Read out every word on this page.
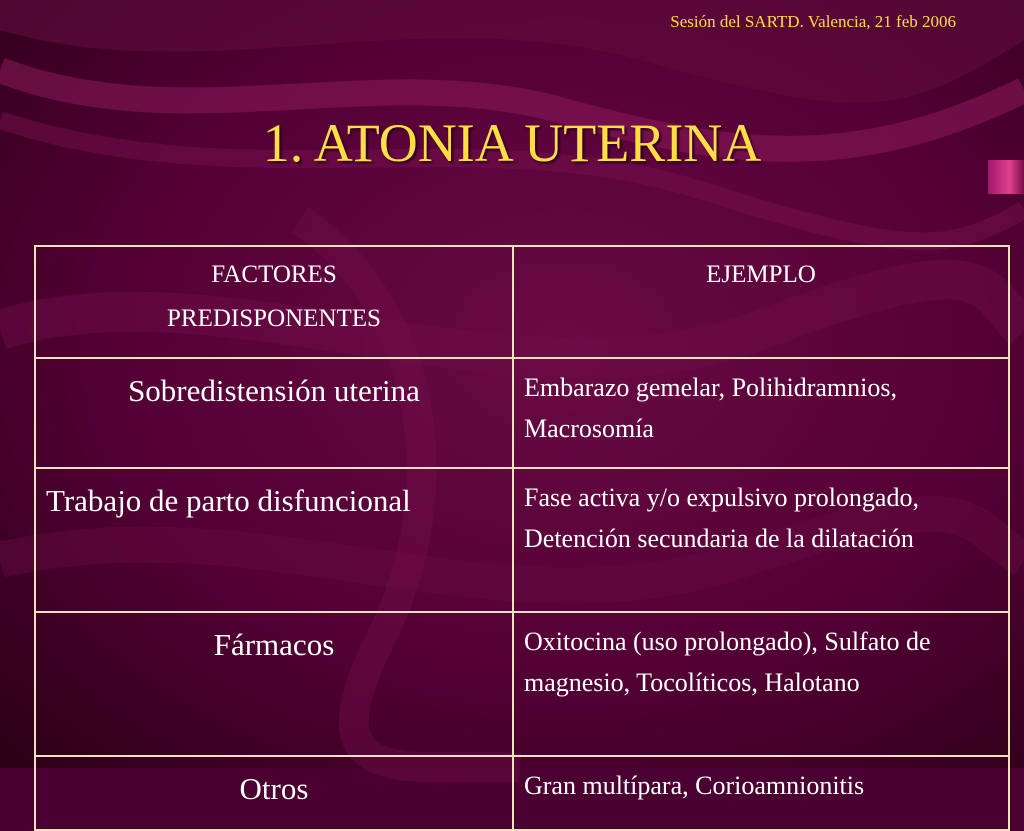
Sesión del SARTD. Valencia, 21 feb 2006
1. ATONIA UTERINA
FACTORES
PREDISPONENTES	EJEMPLO

Sobredistensión uterina	Embarazo gemelar, Polihidramnios, Macrosomía
Trabajo de parto disfuncional	Fase activa y/o expulsivo prolongado, Detención secundaria de la dilatación
Fármacos	Oxitocina (uso prolongado), Sulfato de magnesio, Tocolíticos, Halotano
Otros	Gran multípara, Corioamnionitis
